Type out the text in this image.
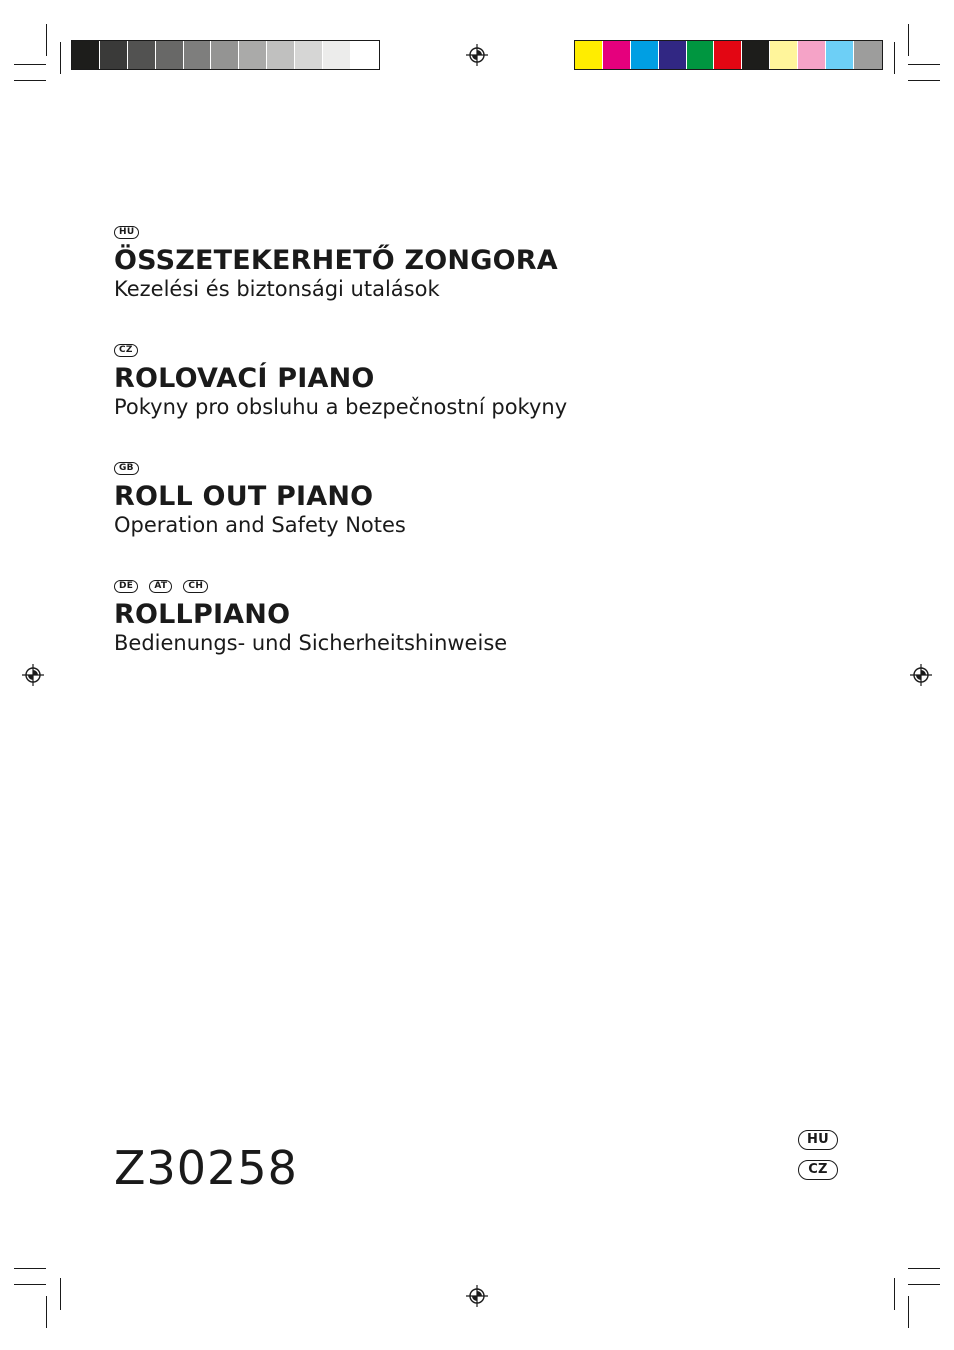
HU
ÖSSZETEKERHETŐ ZONGORA
Kezelési és biztonsági utalások
CZ
ROLOVACÍ PIANO
Pokyny pro obsluhu a bezpečnostní pokyny
GB
ROLL OUT PIANO
Operation and Safety Notes
DE AT CH
ROLLPIANO
Bedienungs- und Sicherheitshinweise
Z30258
HU
CZ
